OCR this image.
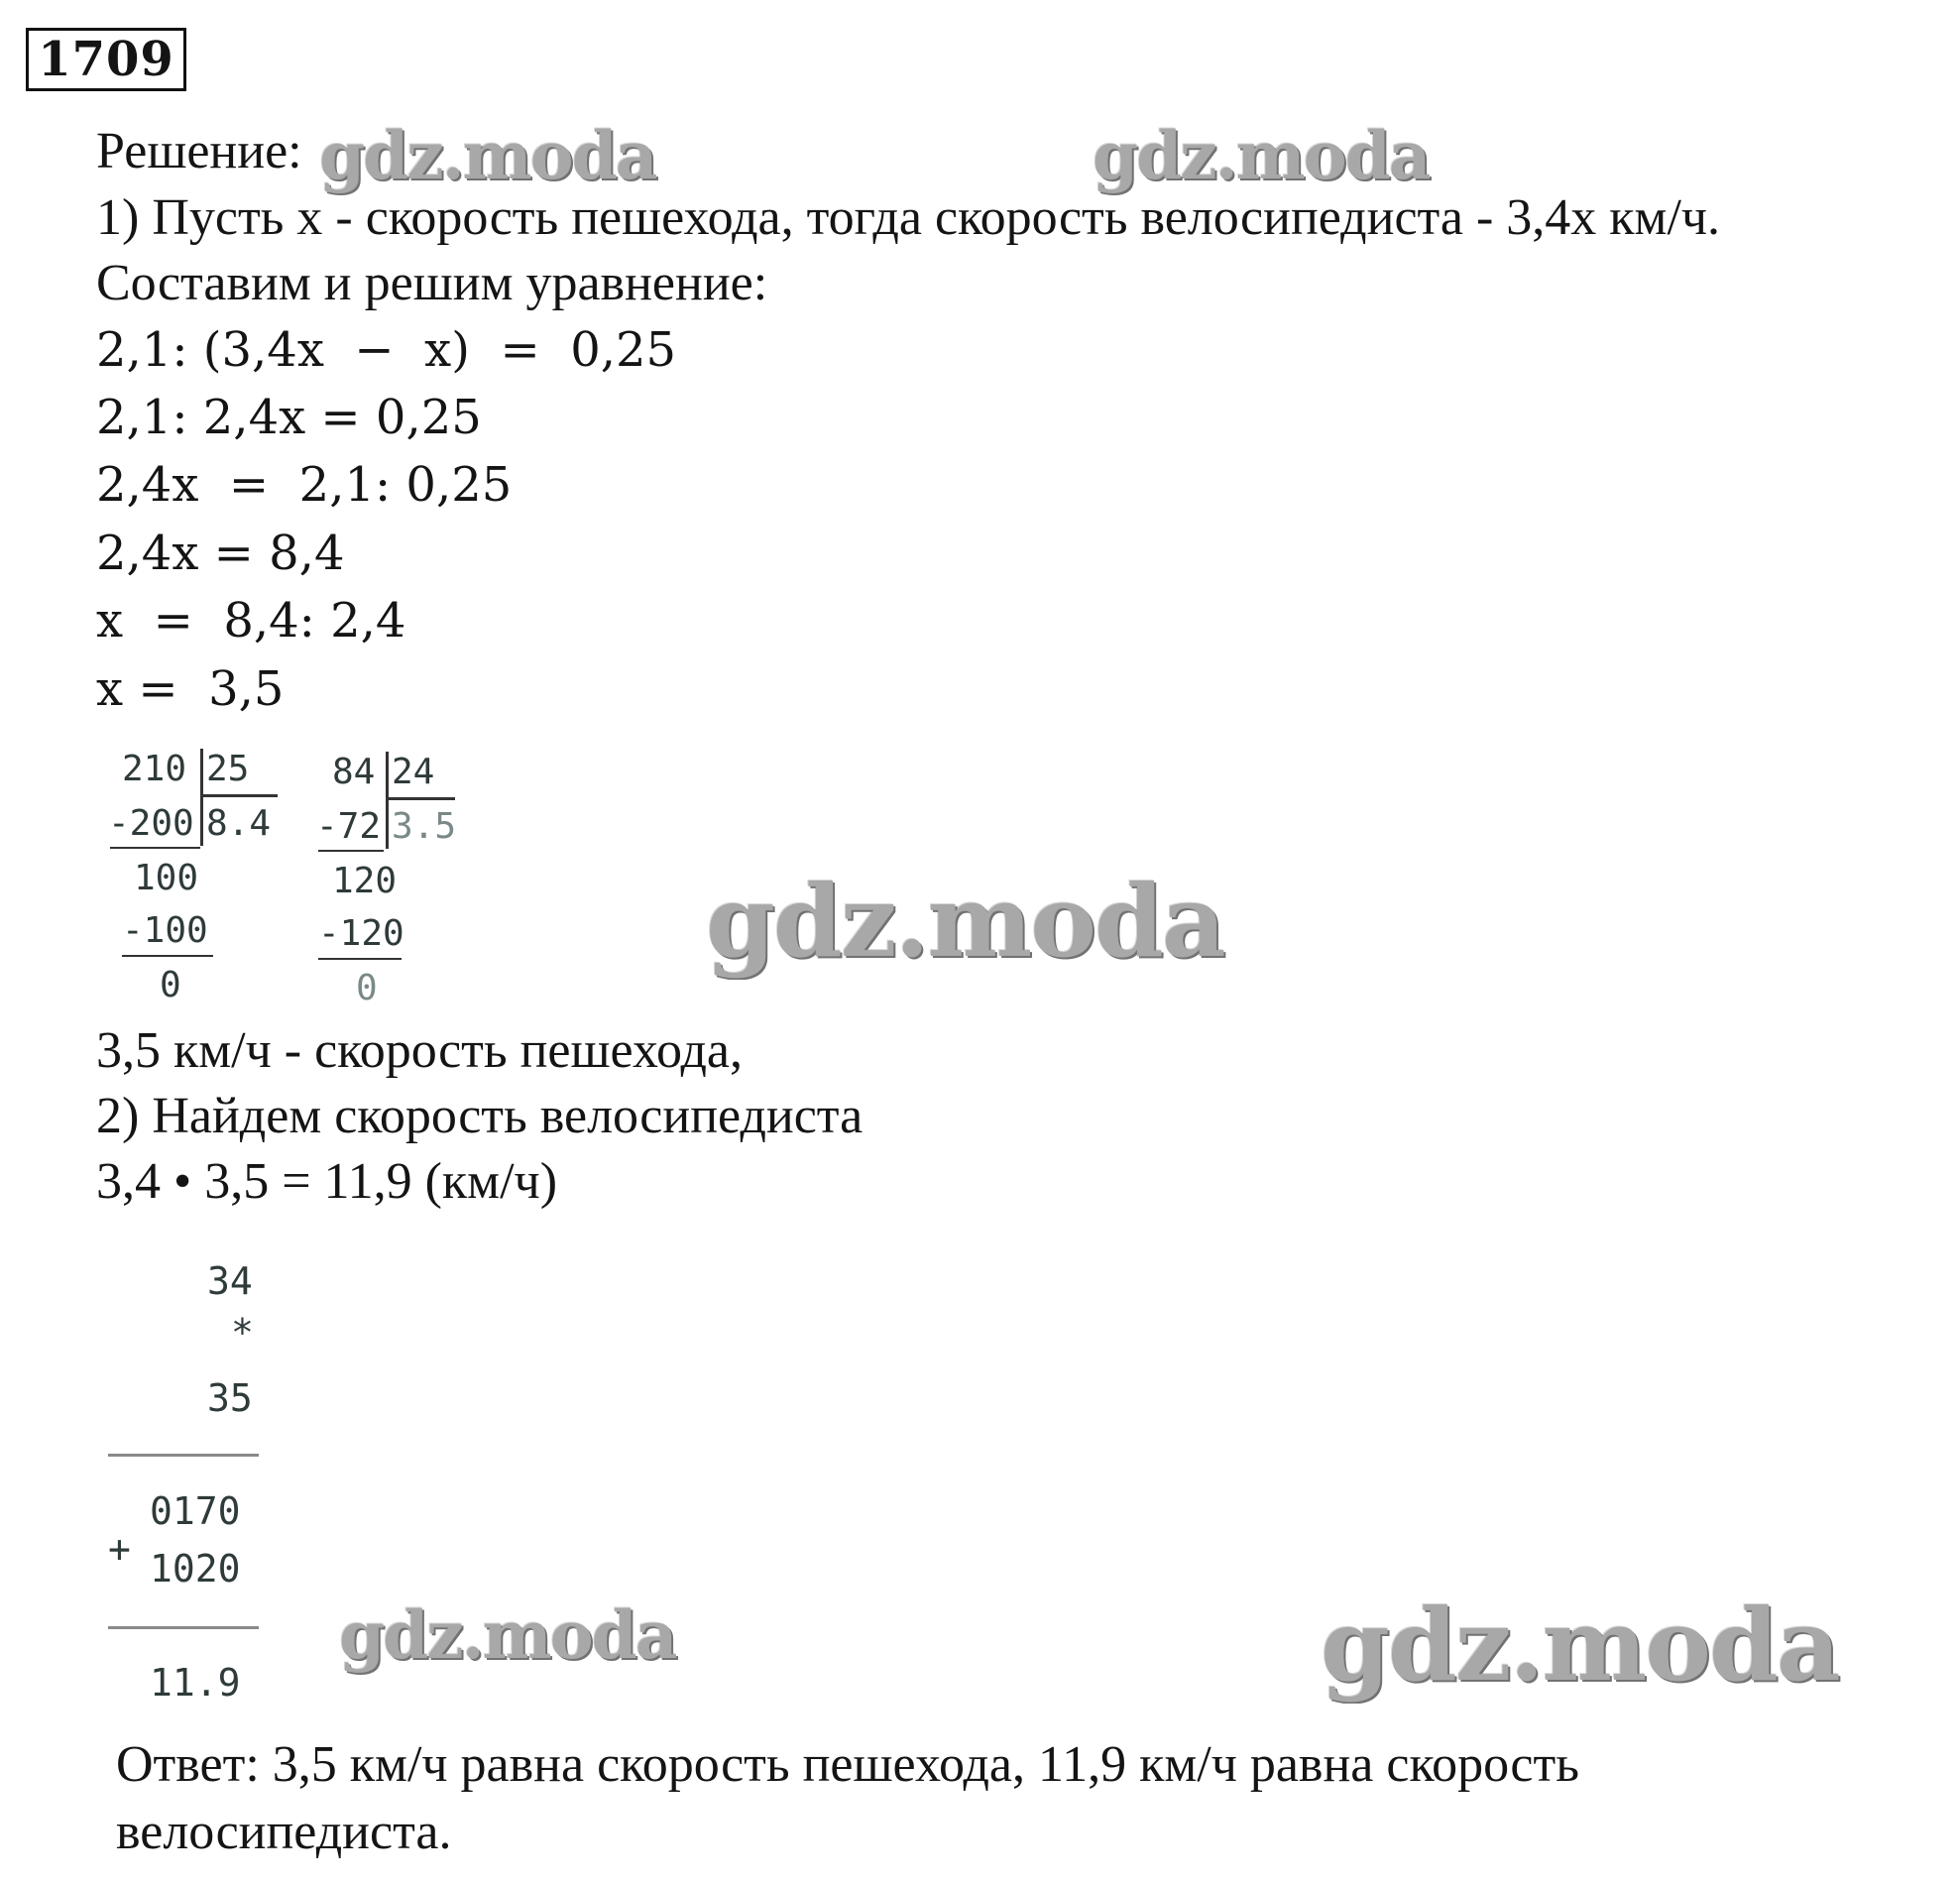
1709
Решение:
1) Пусть x - скорость пешехода, тогда скорость велосипедиста - 3,4x км/ч.
Составим и решим уравнение:
2,1: (3,4x  −  x)  =  0,25
2,1: 2,4x = 0,25
2,4x  =  2,1: 0,25
2,4x = 8,4
x  =  8,4: 2,4
x =  3,5
210 25
-200 8.4
100
-100
0
84 24
-72 3.5
120
-120
0
3,5 км/ч - скорость пешехода,
2) Найдем скорость велосипедиста
3,4 • 3,5 = 11,9 (км/ч)
34
*
35
0170
+ 1020
11.9
Ответ: 3,5 км/ч равна скорость пешехода, 11,9 км/ч равна скорость
велосипедиста.
gdz.moda	gdz.moda
gdz.moda
gdz.moda	gdz.moda
